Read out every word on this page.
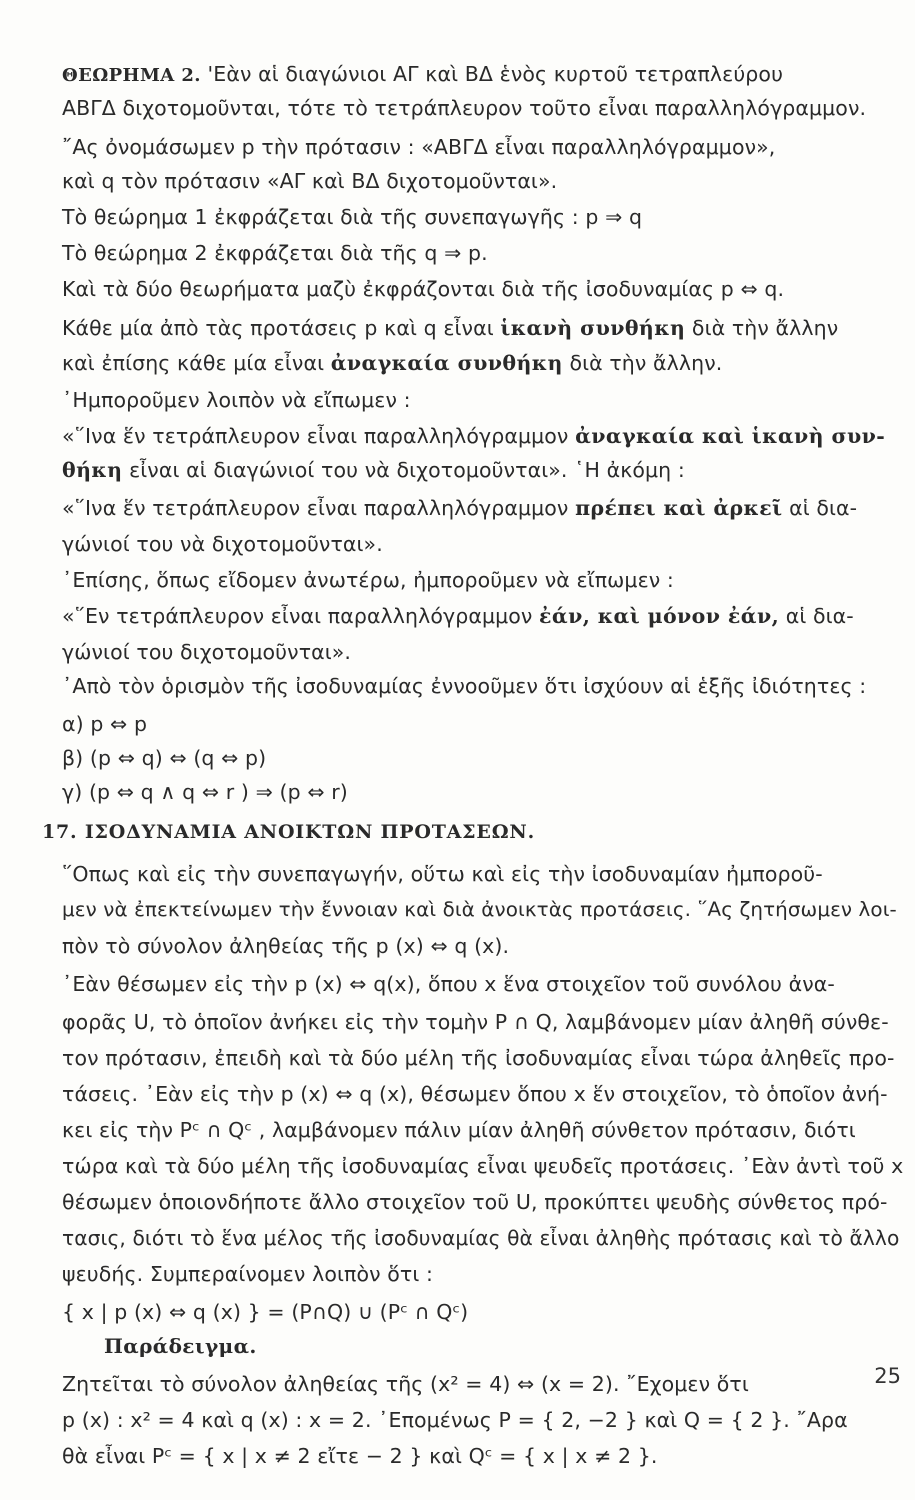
ΘΕΩΡΗΜΑ 2. 'Εὰν αἱ διαγώνιοι ΑΓ καὶ ΒΔ ἑνὸς κυρτοῦ τετραπλεύρου
ΑΒΓΔ διχοτομοῦνται, τότε τὸ τετράπλευρον τοῦτο εἶναι παραλληλόγραμμον.
῎Ας ὀνομάσωμεν p τὴν πρότασιν : «ΑΒΓΔ εἶναι παραλληλόγραμμον»,
καὶ q τὸν πρότασιν «ΑΓ καὶ ΒΔ διχοτομοῦνται».
Τὸ θεώρημα 1 ἐκφράζεται διὰ τῆς συνεπαγωγῆς : p ⇒ q
Τὸ θεώρημα 2 ἐκφράζεται διὰ τῆς q ⇒ p.
Καὶ τὰ δύο θεωρήματα μαζὺ ἐκφράζονται διὰ τῆς ἰσοδυναμίας p ⇔ q.
Κάθε μία ἀπὸ τὰς προτάσεις p καὶ q εἶναι ἱκανὴ συνθήκη διὰ τὴν ἄλλην
καὶ ἐπίσης κάθε μία εἶναι ἀναγκαία συνθήκη διὰ τὴν ἄλλην.
᾿Ημποροῦμεν λοιπὸν νὰ εἴπωμεν :
«῞Ινα ἕν τετράπλευρον εἶναι παραλληλόγραμμον ἀναγκαία καὶ ἱκανὴ συν-
θήκη εἶναι αἱ διαγώνιοί του νὰ διχοτομοῦνται». ῾Η ἀκόμη :
«῞Ινα ἕν τετράπλευρον εἶναι παραλληλόγραμμον πρέπει καὶ ἀρκεῖ αἱ δια-
γώνιοί του νὰ διχοτομοῦνται».
᾿Επίσης, ὅπως εἴδομεν ἀνωτέρω, ἠμποροῦμεν νὰ εἴπωμεν :
«῞Εν τετράπλευρον εἶναι παραλληλόγραμμον ἐάν, καὶ μόνον ἐάν, αἱ δια-
γώνιοί του διχοτομοῦνται».
᾿Απὸ τὸν ὁρισμὸν τῆς ἰσοδυναμίας ἐννοοῦμεν ὅτι ἰσχύουν αἱ ἑξῆς ἰδιότητες :
α) p ⇔ p
β) (p ⇔ q) ⇔ (q ⇔ p)
γ) (p ⇔ q ∧ q ⇔ r ) ⇒ (p ⇔ r)
17. ΙΣΟΔΥΝΑΜΙΑ ΑΝΟΙΚΤΩΝ ΠΡΟΤΑΣΕΩΝ.
῞Οπως καὶ εἰς τὴν συνεπαγωγήν, οὕτω καὶ εἰς τὴν ἰσοδυναμίαν ἠμποροῦ-
μεν νὰ ἐπεκτείνωμεν τὴν ἔννοιαν καὶ διὰ ἀνοικτὰς προτάσεις. ῞Ας ζητήσωμεν λοι-
πὸν τὸ σύνολον ἀληθείας τῆς p (x) ⇔ q (x).
᾿Εὰν θέσωμεν εἰς τὴν p (x) ⇔ q(x), ὅπου x ἕνα στοιχεῖον τοῦ συνόλου ἀνα-
φορᾶς U, τὸ ὁποῖον ἀνήκει εἰς τὴν τομὴν P ∩ Q, λαμβάνομεν μίαν ἀληθῆ σύνθε-
τον πρότασιν, ἐπειδὴ καὶ τὰ δύο μέλη τῆς ἰσοδυναμίας εἶναι τώρα ἀληθεῖς προ-
τάσεις. ᾿Εὰν εἰς τὴν p (x) ⇔ q (x), θέσωμεν ὅπου x ἕν στοιχεῖον, τὸ ὁποῖον ἀνή-
κει εἰς τὴν Pᶜ ∩ Qᶜ , λαμβάνομεν πάλιν μίαν ἀληθῆ σύνθετον πρότασιν, διότι
τώρα καὶ τὰ δύο μέλη τῆς ἰσοδυναμίας εἶναι ψευδεῖς προτάσεις. ᾿Εὰν ἀντὶ τοῦ x
θέσωμεν ὁποιονδήποτε ἄλλο στοιχεῖον τοῦ U, προκύπτει ψευδὴς σύνθετος πρό-
τασις, διότι τὸ ἕνα μέλος τῆς ἰσοδυναμίας θὰ εἶναι ἀληθὴς πρότασις καὶ τὸ ἄλλο
ψευδής. Συμπεραίνομεν λοιπὸν ὅτι :
{ x | p (x) ⇔ q (x) } = (P∩Q) ∪ (Pᶜ ∩ Qᶜ)
Παράδειγμα.
Ζητεῖται τὸ σύνολον ἀληθείας τῆς (x² = 4) ⇔ (x = 2). ῎Εχομεν ὅτι
p (x) : x² = 4 καὶ q (x) : x = 2. ᾿Επομένως P = { 2, −2 } καὶ Q = { 2 }. ῎Αρα
θὰ εἶναι Pᶜ = { x | x ≠ 2 εἴτε − 2 } καὶ Qᶜ = { x | x ≠ 2 }.
25
